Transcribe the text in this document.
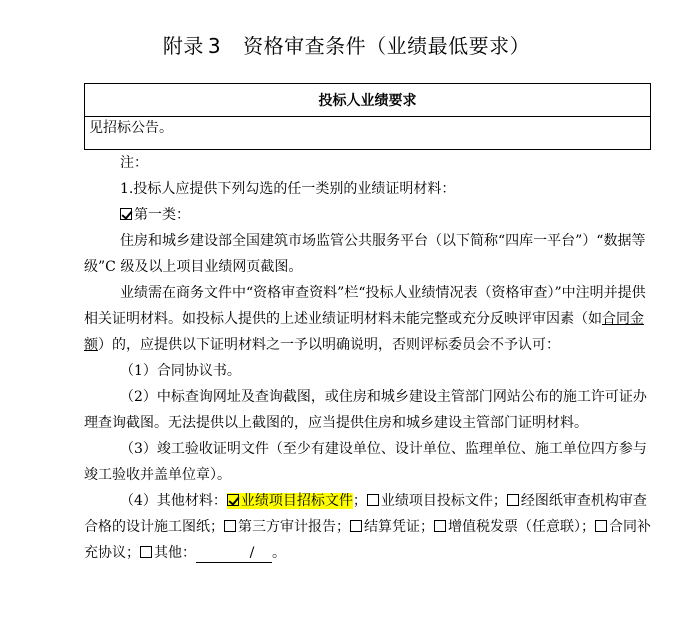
附录 3 资格审查条件（业绩最低要求）
投标人业绩要求
见招标公告。

注：

1.投标人应提供下列勾选的任一类别的业绩证明材料：

第一类：

住房和城乡建设部全国建筑市场监管公共服务平台（以下简称“四库一平台”）“数据等级”C 级及以上项目业绩网页截图。

业绩需在商务文件中“资格审查资料”栏“投标人业绩情况表（资格审查）”中注明并提供相关证明材料。如投标人提供的上述业绩证明材料未能完整或充分反映评审因素（如合同金额）的，应提供以下证明材料之一予以明确说明，否则评标委员会不予认可：

（1）合同协议书。

（2）中标查询网址及查询截图，或住房和城乡建设主管部门网站公布的施工许可证办理查询截图。无法提供以上截图的，应当提供住房和城乡建设主管部门证明材料。

（3）竣工验收证明文件（至少有建设单位、设计单位、监理单位、施工单位四方参与竣工验收并盖单位章）。

（4）其他材料： 业绩项目招标文件； 业绩项目投标文件； 经图纸审查机构审查合格的设计施工图纸； 第三方审计报告； 结算凭证； 增值税发票（任意联）； 合同补充协议； 其他：	/ 。
